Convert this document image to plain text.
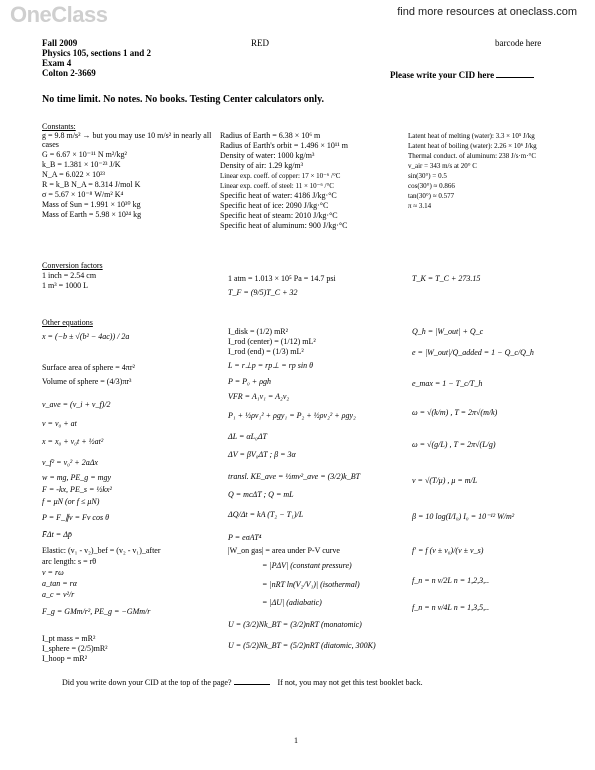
OneClass	find more resources at oneclass.com
Fall 2009
Physics 105, sections 1 and 2
Exam 4
Colton 2-3669
RED	barcode here
Please write your CID here
No time limit. No notes. No books. Testing Center calculators only.
Constants:
g = 9.8 m/s² → but you may use 10 m/s² in nearly all cases
G = 6.67 × 10⁻¹¹ N m²/kg²
k_B = 1.381 × 10⁻²³ J/K
N_A = 6.022 × 10²³
R = k_B N_A = 8.314 J/mol K
σ = 5.67 × 10⁻⁸ W/m² K⁴
Mass of Sun = 1.991 × 10³⁰ kg
Mass of Earth = 5.98 × 10²⁴ kg
Radius of Earth = 6.38 × 10⁶ m
Radius of Earth's orbit = 1.496 × 10¹¹ m
Density of water: 1000 kg/m³
Density of air: 1.29 kg/m³
Linear exp. coeff. of copper: 17 × 10⁻⁶ /°C
Linear exp. coeff. of steel: 11 × 10⁻⁶ /°C
Specific heat of water: 4186 J/kg·°C
Specific heat of ice: 2090 J/kg·°C
Specific heat of steam: 2010 J/kg·°C
Specific heat of aluminum: 900 J/kg·°C
Latent heat of melting (water): 3.3 × 10⁵ J/kg
Latent heat of boiling (water): 2.26 × 10⁶ J/kg
Thermal conduct. of aluminum: 238 J/s·m·°C
v_air = 343 m/s at 20° C
sin(30°) = 0.5
cos(30°) ≈ 0.866
tan(30°) ≈ 0.577
π ≈ 3.14
Conversion factors
1 inch = 2.54 cm
1 m³ = 1000 L
1 atm = 1.013 × 10⁵ Pa = 14.7 psi
T_F = (9/5)T_C + 32
T_K = T_C + 273.15
Other equations
x = (−b ± √(b² − 4ac)) / 2a
Surface area of sphere = 4πr²
Volume of sphere = (4/3)πr³
v_ave = (v_i + v_f)/2
v = v₀ + at
x = x₀ + v₀t + ½at²
v_f² = v₀² + 2aΔx
w = mg, PE_g = mgy
F = -kx, PE_s = ½kx²
f = μN (or f ≤ μN)
P = F_∥v = Fv cos θ
F̄Δt = Δp̄
Elastic: (v₁ - v₂)_bef = (v₂ - v₁)_after
arc length: s = rθ
v = rω
a_tan = rα
a_c = v²/r
F_g = GMm/r², PE_g = −GMm/r
I_pt mass = mR²
I_sphere = (2/5)mR²
I_hoop = mR²
I_disk = (1/2) mR²
I_rod (center) = (1/12) mL²
I_rod (end) = (1/3) mL²
L = r⊥p = rp⊥ = rp sin θ
P = P₀ + ρgh
VFR = A₁v₁ = A₂v₂
P₁ + ½ρv₁² + ρgy₁ = P₂ + ½ρv₂² + ρgy₂
ΔL = αL₀ΔT
ΔV = βV₀ΔT ; β = 3α
transl. KE_ave = ½mv²_ave = (3/2)k_BT
Q = mcΔT ; Q = mL
ΔQ/Δt = kA (T₂ − T₁)/L
P = eσAT⁴
|W_on gas| = area under P-V curve
= |PΔV| (constant pressure)
= |nRT ln(V₂/V₁)| (isothermal)
= |ΔU| (adiabatic)
U = (3/2)Nk_BT = (3/2)nRT (monatomic)
U = (5/2)Nk_BT = (5/2)nRT (diatomic, 300K)
Q_h = |W_out| + Q_c
e = |W_out|/Q_added = 1 − Q_c/Q_h
e_max = 1 − T_c/T_h
ω = √(k/m) , T = 2π√(m/k)
ω = √(g/L) , T = 2π√(L/g)
v = √(T/μ) , μ = m/L
β = 10 log(I/I₀) I₀ = 10⁻¹² W/m²
f′ = f (v ± v₀)/(v ± v_s)
f_n = n v/2L n = 1,2,3,..
f_n = n v/4L n = 1,3,5,..
Did you write down your CID at the top of the page?	If not, you may not get this test booklet back.
1
